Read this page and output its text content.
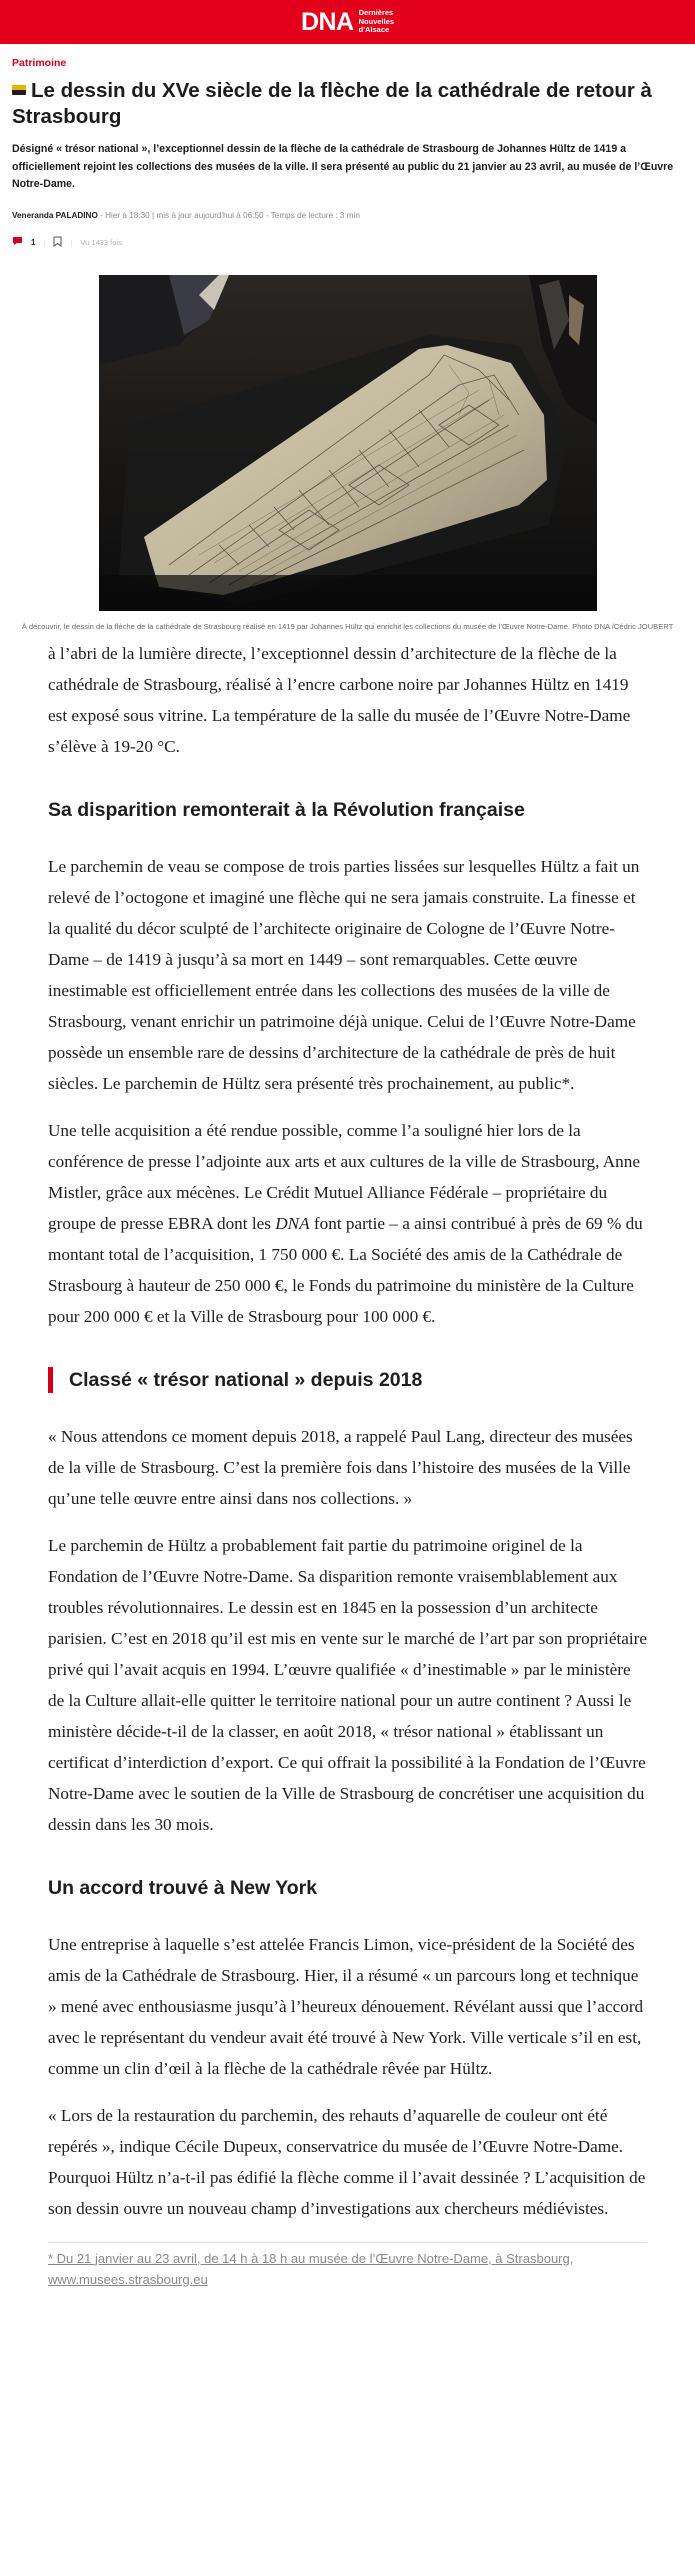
DNA Dernières
Nouvelles
d'Alsace
Patrimoine
Le dessin du XVe siècle de la flèche de la cathédrale de retour à Strasbourg

Désigné « trésor national », l’exceptionnel dessin de la flèche de la cathédrale de Strasbourg de Johannes Hültz de 1419 a officiellement rejoint les collections des musées de la ville. Il sera présenté au public du 21 janvier au 23 avril, au musée de l’Œuvre Notre-Dame.

Veneranda PALADINO - Hier à 18:30 | mis à jour aujourd'hui à 06:50 - Temps de lecture : 3 min
1 |	| Vu 1433 fois

À découvrir, le dessin de la flèche de la cathédrale de Strasbourg réalisé en 1419 par Johannes Hültz qui enrichit les collections du musée de l’Œuvre Notre-Dame. Photo DNA /Cédric JOUBERT

à l’abri de la lumière directe, l’exceptionnel dessin d’architecture de la flèche de la cathédrale de Strasbourg, réalisé à l’encre carbone noire par Johannes Hültz en 1419 est exposé sous vitrine. La température de la salle du musée de l’Œuvre Notre-Dame s’élève à 19-20 °C.

Sa disparition remonterait à la Révolution française

Le parchemin de veau se compose de trois parties lissées sur lesquelles Hültz a fait un relevé de l’octogone et imaginé une flèche qui ne sera jamais construite. La finesse et la qualité du décor sculpté de l’architecte originaire de Cologne de l’Œuvre Notre-Dame – de 1419 à jusqu’à sa mort en 1449 – sont remarquables. Cette œuvre inestimable est officiellement entrée dans les collections des musées de la ville de Strasbourg, venant enrichir un patrimoine déjà unique. Celui de l’Œuvre Notre-Dame possède un ensemble rare de dessins d’architecture de la cathédrale de près de huit siècles. Le parchemin de Hültz sera présenté très prochainement, au public*.

Une telle acquisition a été rendue possible, comme l’a souligné hier lors de la conférence de presse l’adjointe aux arts et aux cultures de la ville de Strasbourg, Anne Mistler, grâce aux mécènes. Le Crédit Mutuel Alliance Fédérale – propriétaire du groupe de presse EBRA dont les DNA font partie – a ainsi contribué à près de 69 % du montant total de l’acquisition, 1 750 000 €. La Société des amis de la Cathédrale de Strasbourg à hauteur de 250 000 €, le Fonds du patrimoine du ministère de la Culture pour 200 000 € et la Ville de Strasbourg pour 100 000 €.

Classé « trésor national » depuis 2018

« Nous attendons ce moment depuis 2018, a rappelé Paul Lang, directeur des musées de la ville de Strasbourg. C’est la première fois dans l’histoire des musées de la Ville qu’une telle œuvre entre ainsi dans nos collections. »

Le parchemin de Hültz a probablement fait partie du patrimoine originel de la Fondation de l’Œuvre Notre-Dame. Sa disparition remonte vraisemblablement aux troubles révolutionnaires. Le dessin est en 1845 en la possession d’un architecte parisien. C’est en 2018 qu’il est mis en vente sur le marché de l’art par son propriétaire privé qui l’avait acquis en 1994. L’œuvre qualifiée « d’inestimable » par le ministère de la Culture allait-elle quitter le territoire national pour un autre continent ? Aussi le ministère décide-t-il de la classer, en août 2018, « trésor national » établissant un certificat d’interdiction d’export. Ce qui offrait la possibilité à la Fondation de l’Œuvre Notre-Dame avec le soutien de la Ville de Strasbourg de concrétiser une acquisition du dessin dans les 30 mois.

Un accord trouvé à New York

Une entreprise à laquelle s’est attelée Francis Limon, vice-président de la Société des amis de la Cathédrale de Strasbourg. Hier, il a résumé « un parcours long et technique » mené avec enthousiasme jusqu’à l’heureux dénouement. Révélant aussi que l’accord avec le représentant du vendeur avait été trouvé à New York. Ville verticale s’il en est, comme un clin d’œil à la flèche de la cathédrale rêvée par Hültz.

« Lors de la restauration du parchemin, des rehauts d’aquarelle de couleur ont été repérés », indique Cécile Dupeux, conservatrice du musée de l’Œuvre Notre-Dame. Pourquoi Hültz n’a-t-il pas édifié la flèche comme il l’avait dessinée ? L’acquisition de son dessin ouvre un nouveau champ d’investigations aux chercheurs médiévistes.

* Du 21 janvier au 23 avril, de 14 h à 18 h au musée de l’Œuvre Notre-Dame, à Strasbourg, www.musees.strasbourg.eu
